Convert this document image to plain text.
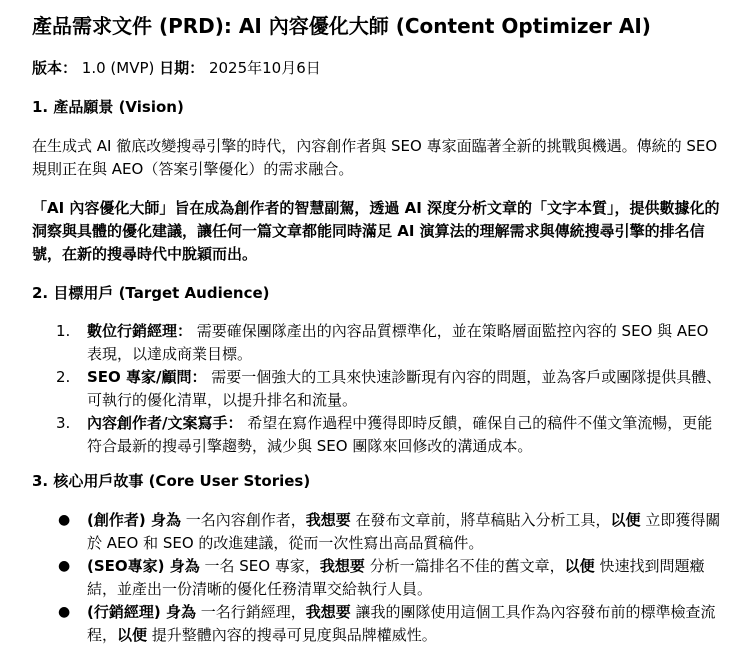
產品需求文件 (PRD): AI 內容優化大師 (Content Optimizer AI)

版本： 1.0 (MVP) 日期： 2025年10月6日

1. 產品願景 (Vision)

在生成式 AI 徹底改變搜尋引擎的時代，內容創作者與 SEO 專家面臨著全新的挑戰與機遇。傳統的 SEO 規則正在與 AEO（答案引擎優化）的需求融合。

「AI 內容優化大師」旨在成為創作者的智慧副駕，透過 AI 深度分析文章的「文字本質」，提供數據化的洞察與具體的優化建議，讓任何一篇文章都能同時滿足 AI 演算法的理解需求與傳統搜尋引擎的排名信號，在新的搜尋時代中脫穎而出。

2. 目標用戶 (Target Audience)
1. 數位行銷經理： 需要確保團隊產出的內容品質標準化，並在策略層面監控內容的 SEO 與 AEO 表現，以達成商業目標。
2. SEO 專家/顧問： 需要一個強大的工具來快速診斷現有內容的問題，並為客戶或團隊提供具體、可執行的優化清單，以提升排名和流量。
3. 內容創作者/文案寫手： 希望在寫作過程中獲得即時反饋，確保自己的稿件不僅文筆流暢，更能符合最新的搜尋引擎趨勢，減少與 SEO 團隊來回修改的溝通成本。
3. 核心用戶故事 (Core User Stories)
● (創作者) 身為 一名內容創作者，我想要 在發布文章前，將草稿貼入分析工具，以便 立即獲得關於 AEO 和 SEO 的改進建議，從而一次性寫出高品質稿件。
● (SEO專家) 身為 一名 SEO 專家，我想要 分析一篇排名不佳的舊文章，以便 快速找到問題癥結，並產出一份清晰的優化任務清單交給執行人員。
● (行銷經理) 身為 一名行銷經理，我想要 讓我的團隊使用這個工具作為內容發布前的標準檢查流程，以便 提升整體內容的搜尋可見度與品牌權威性。
